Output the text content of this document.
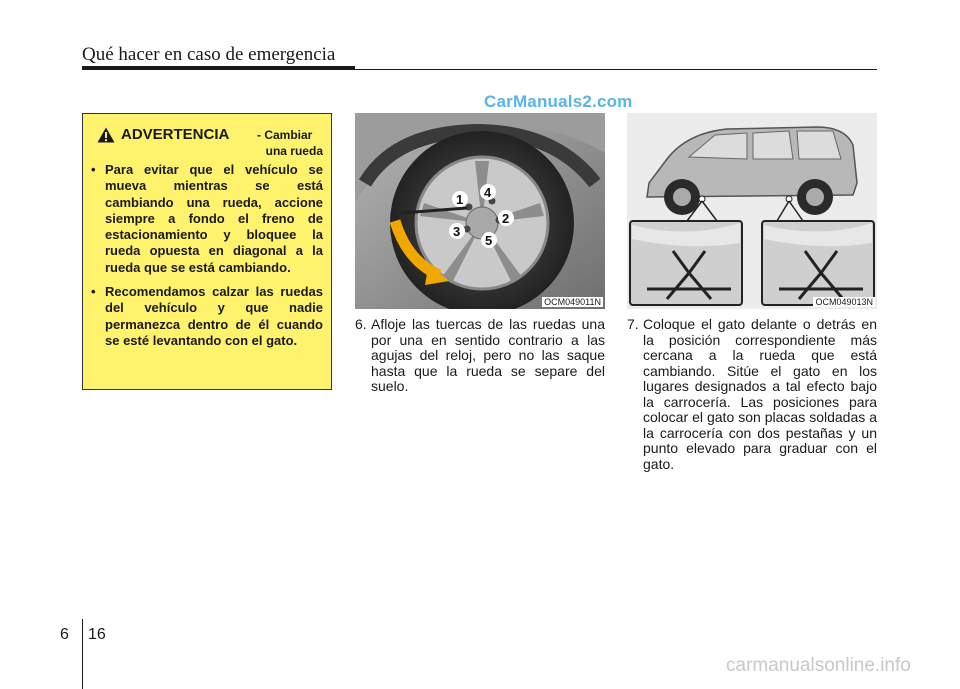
Qué hacer en caso de emergencia
CarManuals2.com
ADVERTENCIA - Cambiar
una rueda
• Para evitar que el vehículo se mueva mientras se está cambiando una rueda, accione siempre a fondo el freno de estacionamiento y bloquee la rueda opuesta en diagonal a la rueda que se está cambiando.
• Recomendamos calzar las ruedas del vehículo y que nadie permanezca dentro de él cuando se esté levantando con el gato.
1
2
3
4
5
OCM049011N	OCM049013N
6. Afloje las tuercas de las ruedas una por una en sentido contrario a las agujas del reloj, pero no las saque hasta que la rueda se separe del suelo.
7. Coloque el gato delante o detrás en la posición correspondiente más cercana a la rueda que está cambiando. Sitúe el gato en los lugares designados a tal efecto bajo la carrocería. Las posiciones para colocar el gato son placas soldadas a la carrocería con dos pestañas y un punto elevado para graduar con el gato.
6 16
carmanualsonline.info
